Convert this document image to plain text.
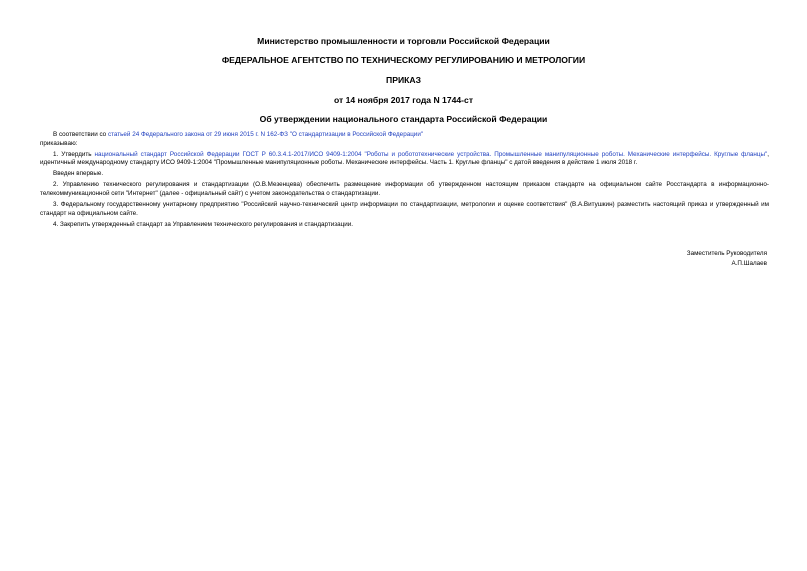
Министерство промышленности и торговли Российской Федерации
ФЕДЕРАЛЬНОЕ АГЕНТСТВО ПО ТЕХНИЧЕСКОМУ РЕГУЛИРОВАНИЮ И МЕТРОЛОГИИ
ПРИКАЗ
от 14 ноября 2017 года N 1744-ст
Об утверждении национального стандарта Российской Федерации

В соответствии со статьей 24 Федерального закона от 29 июня 2015 г. N 162-ФЗ "О стандартизации в Российской Федерации"

приказываю:

1. Утвердить национальный стандарт Российской Федерации ГОСТ Р 60.3.4.1-2017/ИСО 9409-1:2004 "Роботы и робототехнические устройства. Промышленные манипуляционные роботы. Механические интерфейсы. Круглые фланцы", идентичный международному стандарту ИСО 9409-1:2004 "Промышленные манипуляционные роботы. Механические интерфейсы. Часть 1. Круглые фланцы" с датой введения в действие 1 июля 2018 г.

Введен впервые.

2. Управлению технического регулирования и стандартизации (О.В.Мезенцева) обеспечить размещение информации об утвержденном настоящим приказом стандарте на официальном сайте Росстандарта в информационно-телекоммуникационной сети "Интернет" (далее - официальный сайт) с учетом законодательства о стандартизации.

3. Федеральному государственному унитарному предприятию "Российский научно-технический центр информации по стандартизации, метрологии и оценке соответствия" (В.А.Витушкин) разместить настоящий приказ и утвержденный им стандарт на официальном сайте.

4. Закрепить утвержденный стандарт за Управлением технического регулирования и стандартизации.

Заместитель Руководителя
А.П.Шалаев
